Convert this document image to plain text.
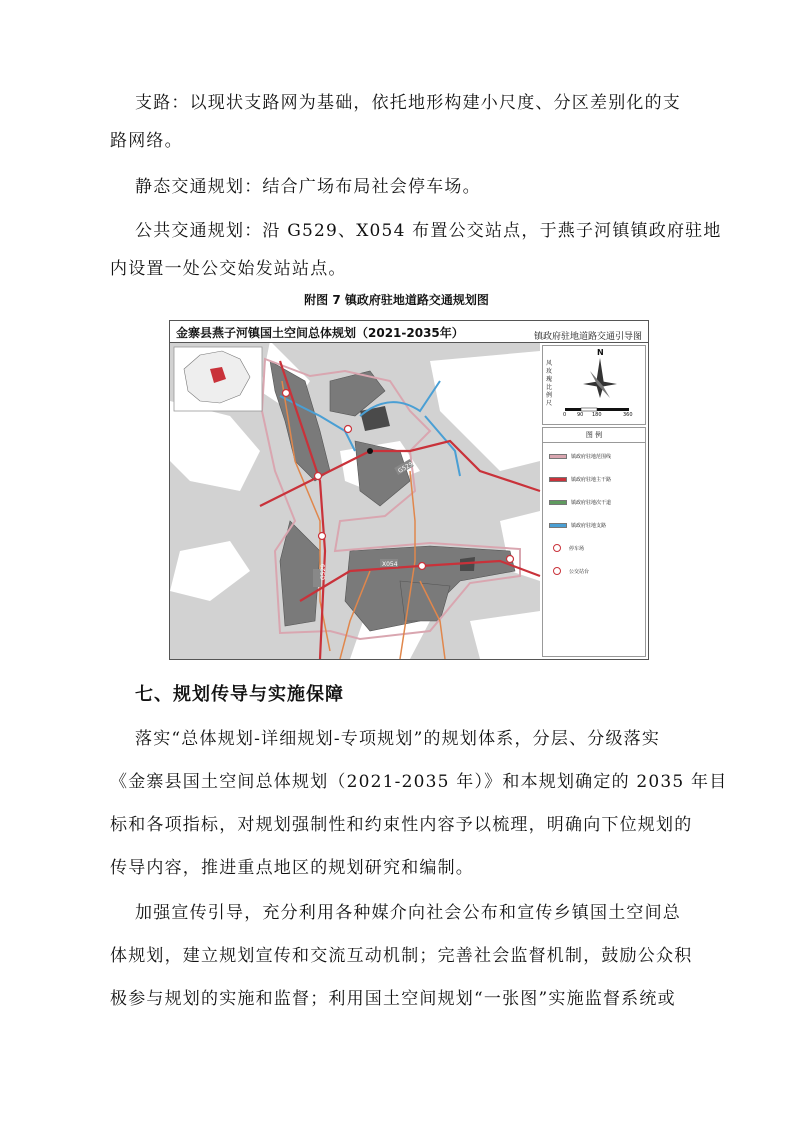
支路：以现状支路网为基础，依托地形构建小尺度、分区差别化的支
路网络。
静态交通规划：结合广场布局社会停车场。
公共交通规划：沿 G529、X054 布置公交站点，于燕子河镇镇政府驻地
内设置一处公交始发站站点。
附图 7 镇政府驻地道路交通规划图
G529
X054
G529
金寨县燕子河镇国土空间总体规划（2021-2035年）	镇政府驻地道路交通引导图
风玫瑰比例尺
N
0 90 180	360
图 例
镇政府驻地范围线
镇政府驻地主干路
镇政府驻地次干道
镇政府驻地支路
停车场
公交站台
七、规划传导与实施保障
落实“总体规划-详细规划-专项规划”的规划体系，分层、分级落实
《金寨县国土空间总体规划（2021-2035 年）》和本规划确定的 2035 年目
标和各项指标，对规划强制性和约束性内容予以梳理，明确向下位规划的
传导内容，推进重点地区的规划研究和编制。
加强宣传引导，充分利用各种媒介向社会公布和宣传乡镇国土空间总
体规划，建立规划宣传和交流互动机制；完善社会监督机制，鼓励公众积
极参与规划的实施和监督；利用国土空间规划“一张图”实施监督系统或
